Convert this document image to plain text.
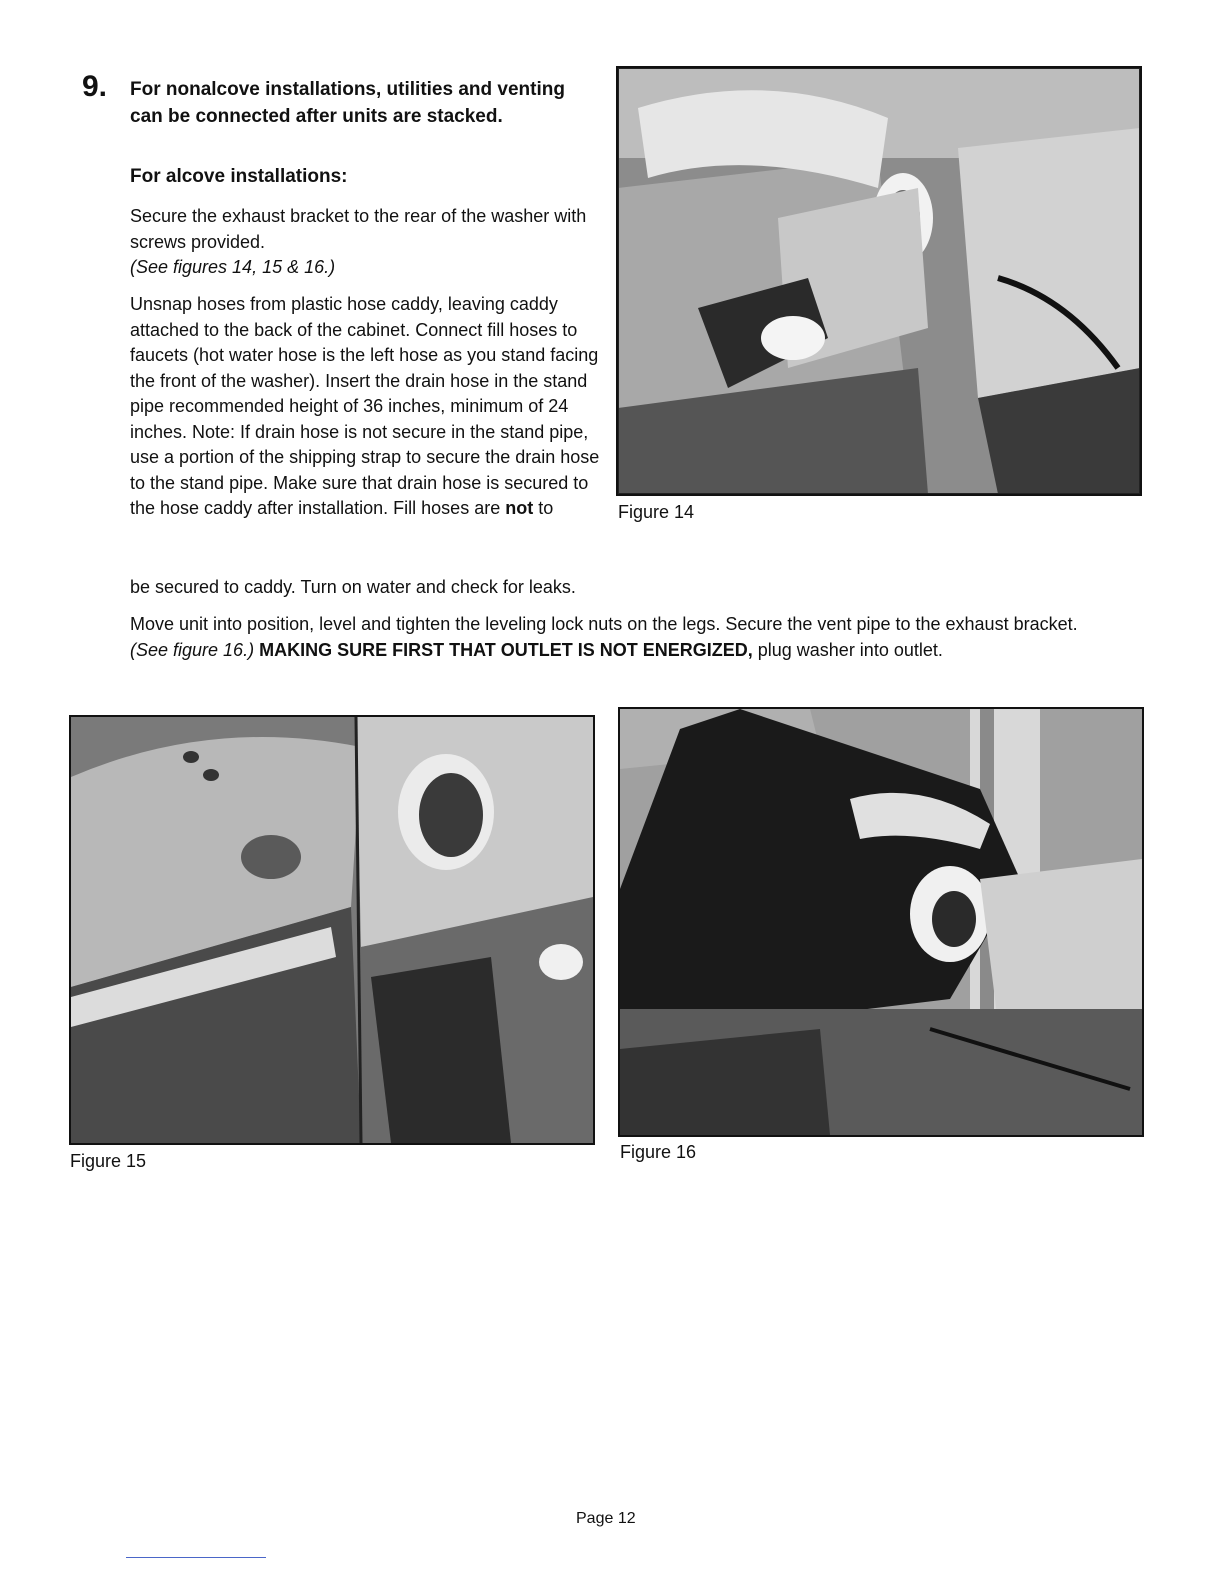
9. For nonalcove installations, utilities and venting can be connected after units are stacked.
For alcove installations:
Secure the exhaust bracket to the rear of the washer with screws provided.
(See figures 14, 15 & 16.)
Unsnap hoses from plastic hose caddy, leaving caddy attached to the back of the cabinet. Connect fill hoses to faucets (hot water hose is the left hose as you stand facing the front of the washer). Insert the drain hose in the stand pipe recommended height of 36 inches, minimum of 24 inches. Note: If drain hose is not secure in the stand pipe, use a portion of the shipping strap to secure the drain hose to the stand pipe. Make sure that drain hose is secured to the hose caddy after installation. Fill hoses are not to
be secured to caddy. Turn on water and check for leaks.
Move unit into position, level and tighten the leveling lock nuts on the legs. Secure the vent pipe to the exhaust bracket. (See figure 16.) MAKING SURE FIRST THAT OUTLET IS NOT ENERGIZED, plug washer into outlet.
Figure 14
Figure 15	Figure 16
Page 12
